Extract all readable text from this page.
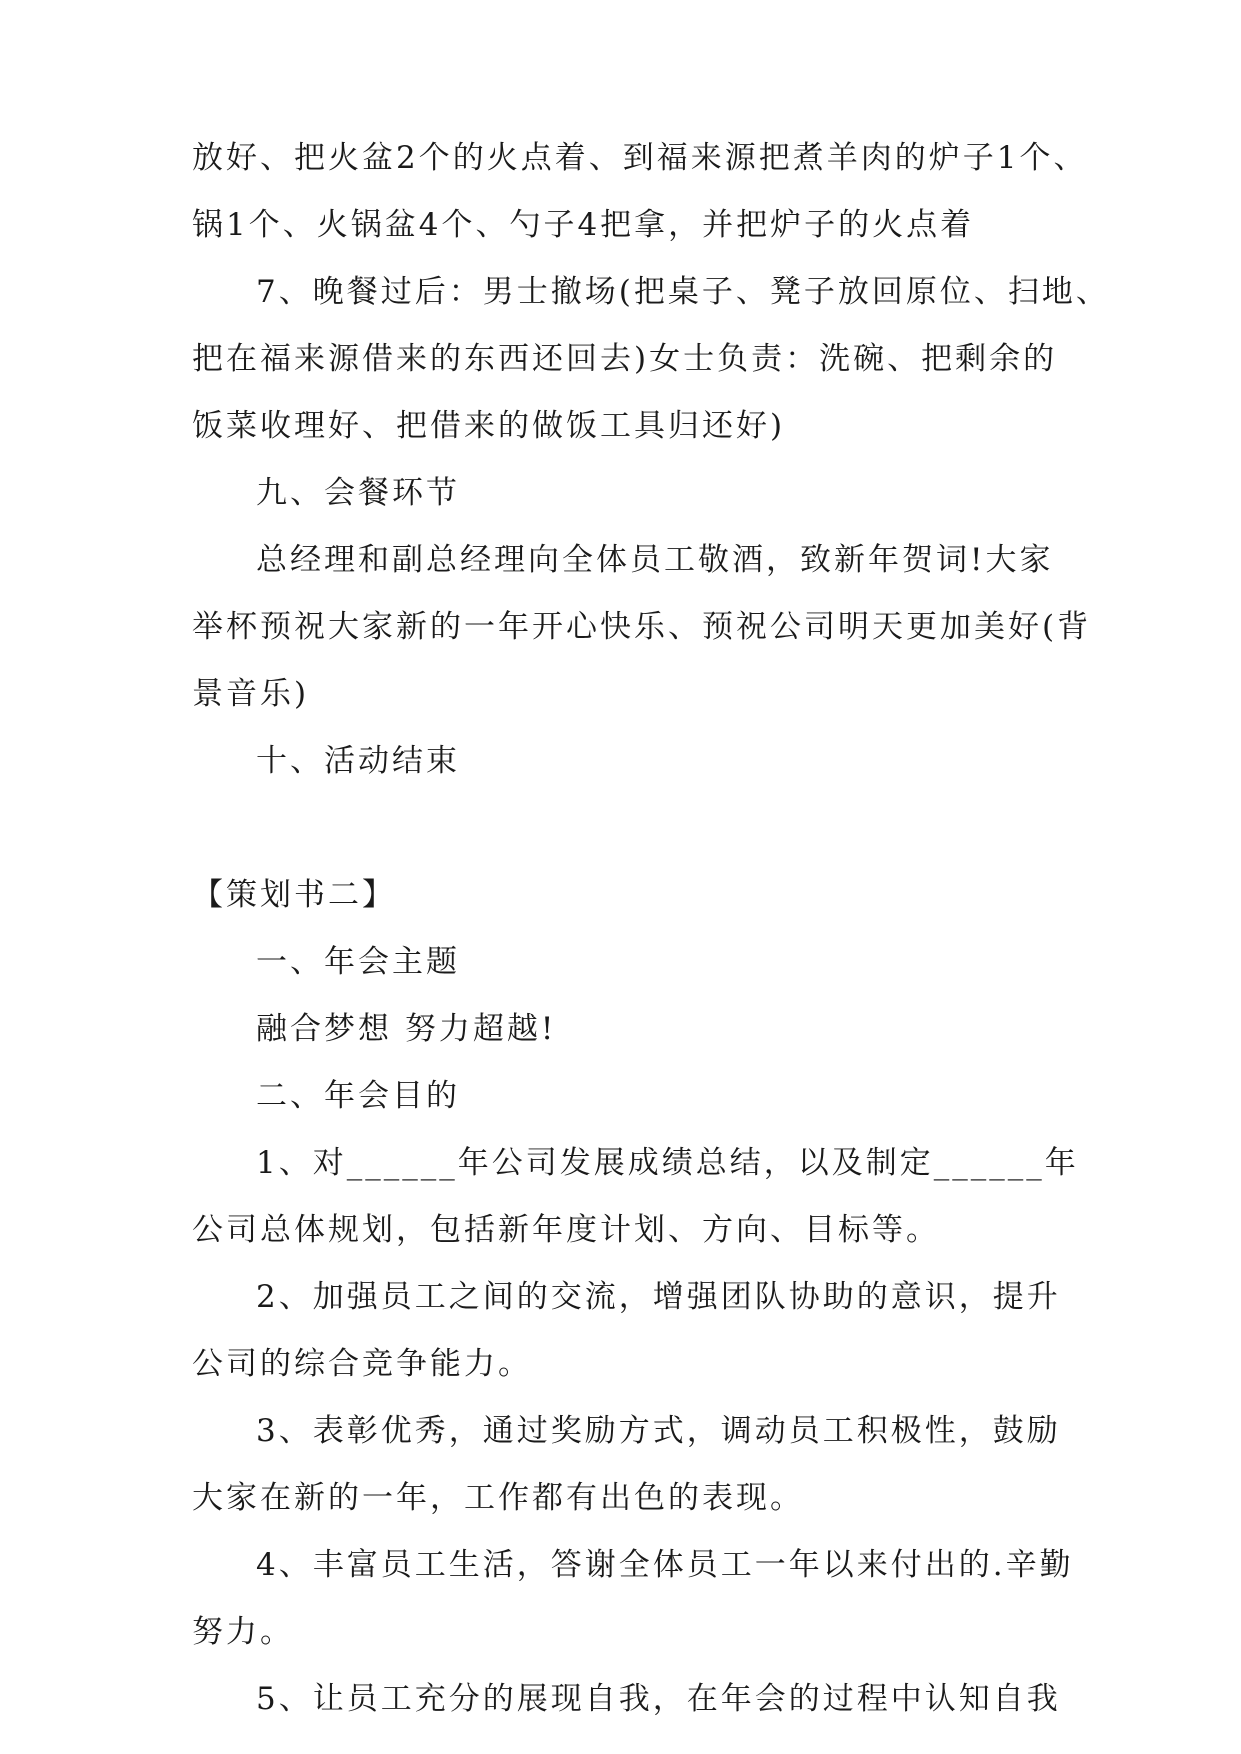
放好、把火盆2个的火点着、到福来源把煮羊肉的炉子1个、
锅1个、火锅盆4个、勺子4把拿，并把炉子的火点着
7、晚餐过后：男士撤场(把桌子、凳子放回原位、扫地、
把在福来源借来的东西还回去)女士负责：洗碗、把剩余的
饭菜收理好、把借来的做饭工具归还好)
九、会餐环节
总经理和副总经理向全体员工敬酒，致新年贺词!大家
举杯预祝大家新的一年开心快乐、预祝公司明天更加美好(背
景音乐)
十、活动结束
【策划书二】
一、年会主题
融合梦想 努力超越!
二、年会目的
1、对______年公司发展成绩总结，以及制定______年
公司总体规划，包括新年度计划、方向、目标等。
2、加强员工之间的交流，增强团队协助的意识，提升
公司的综合竞争能力。
3、表彰优秀，通过奖励方式，调动员工积极性，鼓励
大家在新的一年，工作都有出色的表现。
4、丰富员工生活，答谢全体员工一年以来付出的.辛勤
努力。
5、让员工充分的展现自我，在年会的过程中认知自我
